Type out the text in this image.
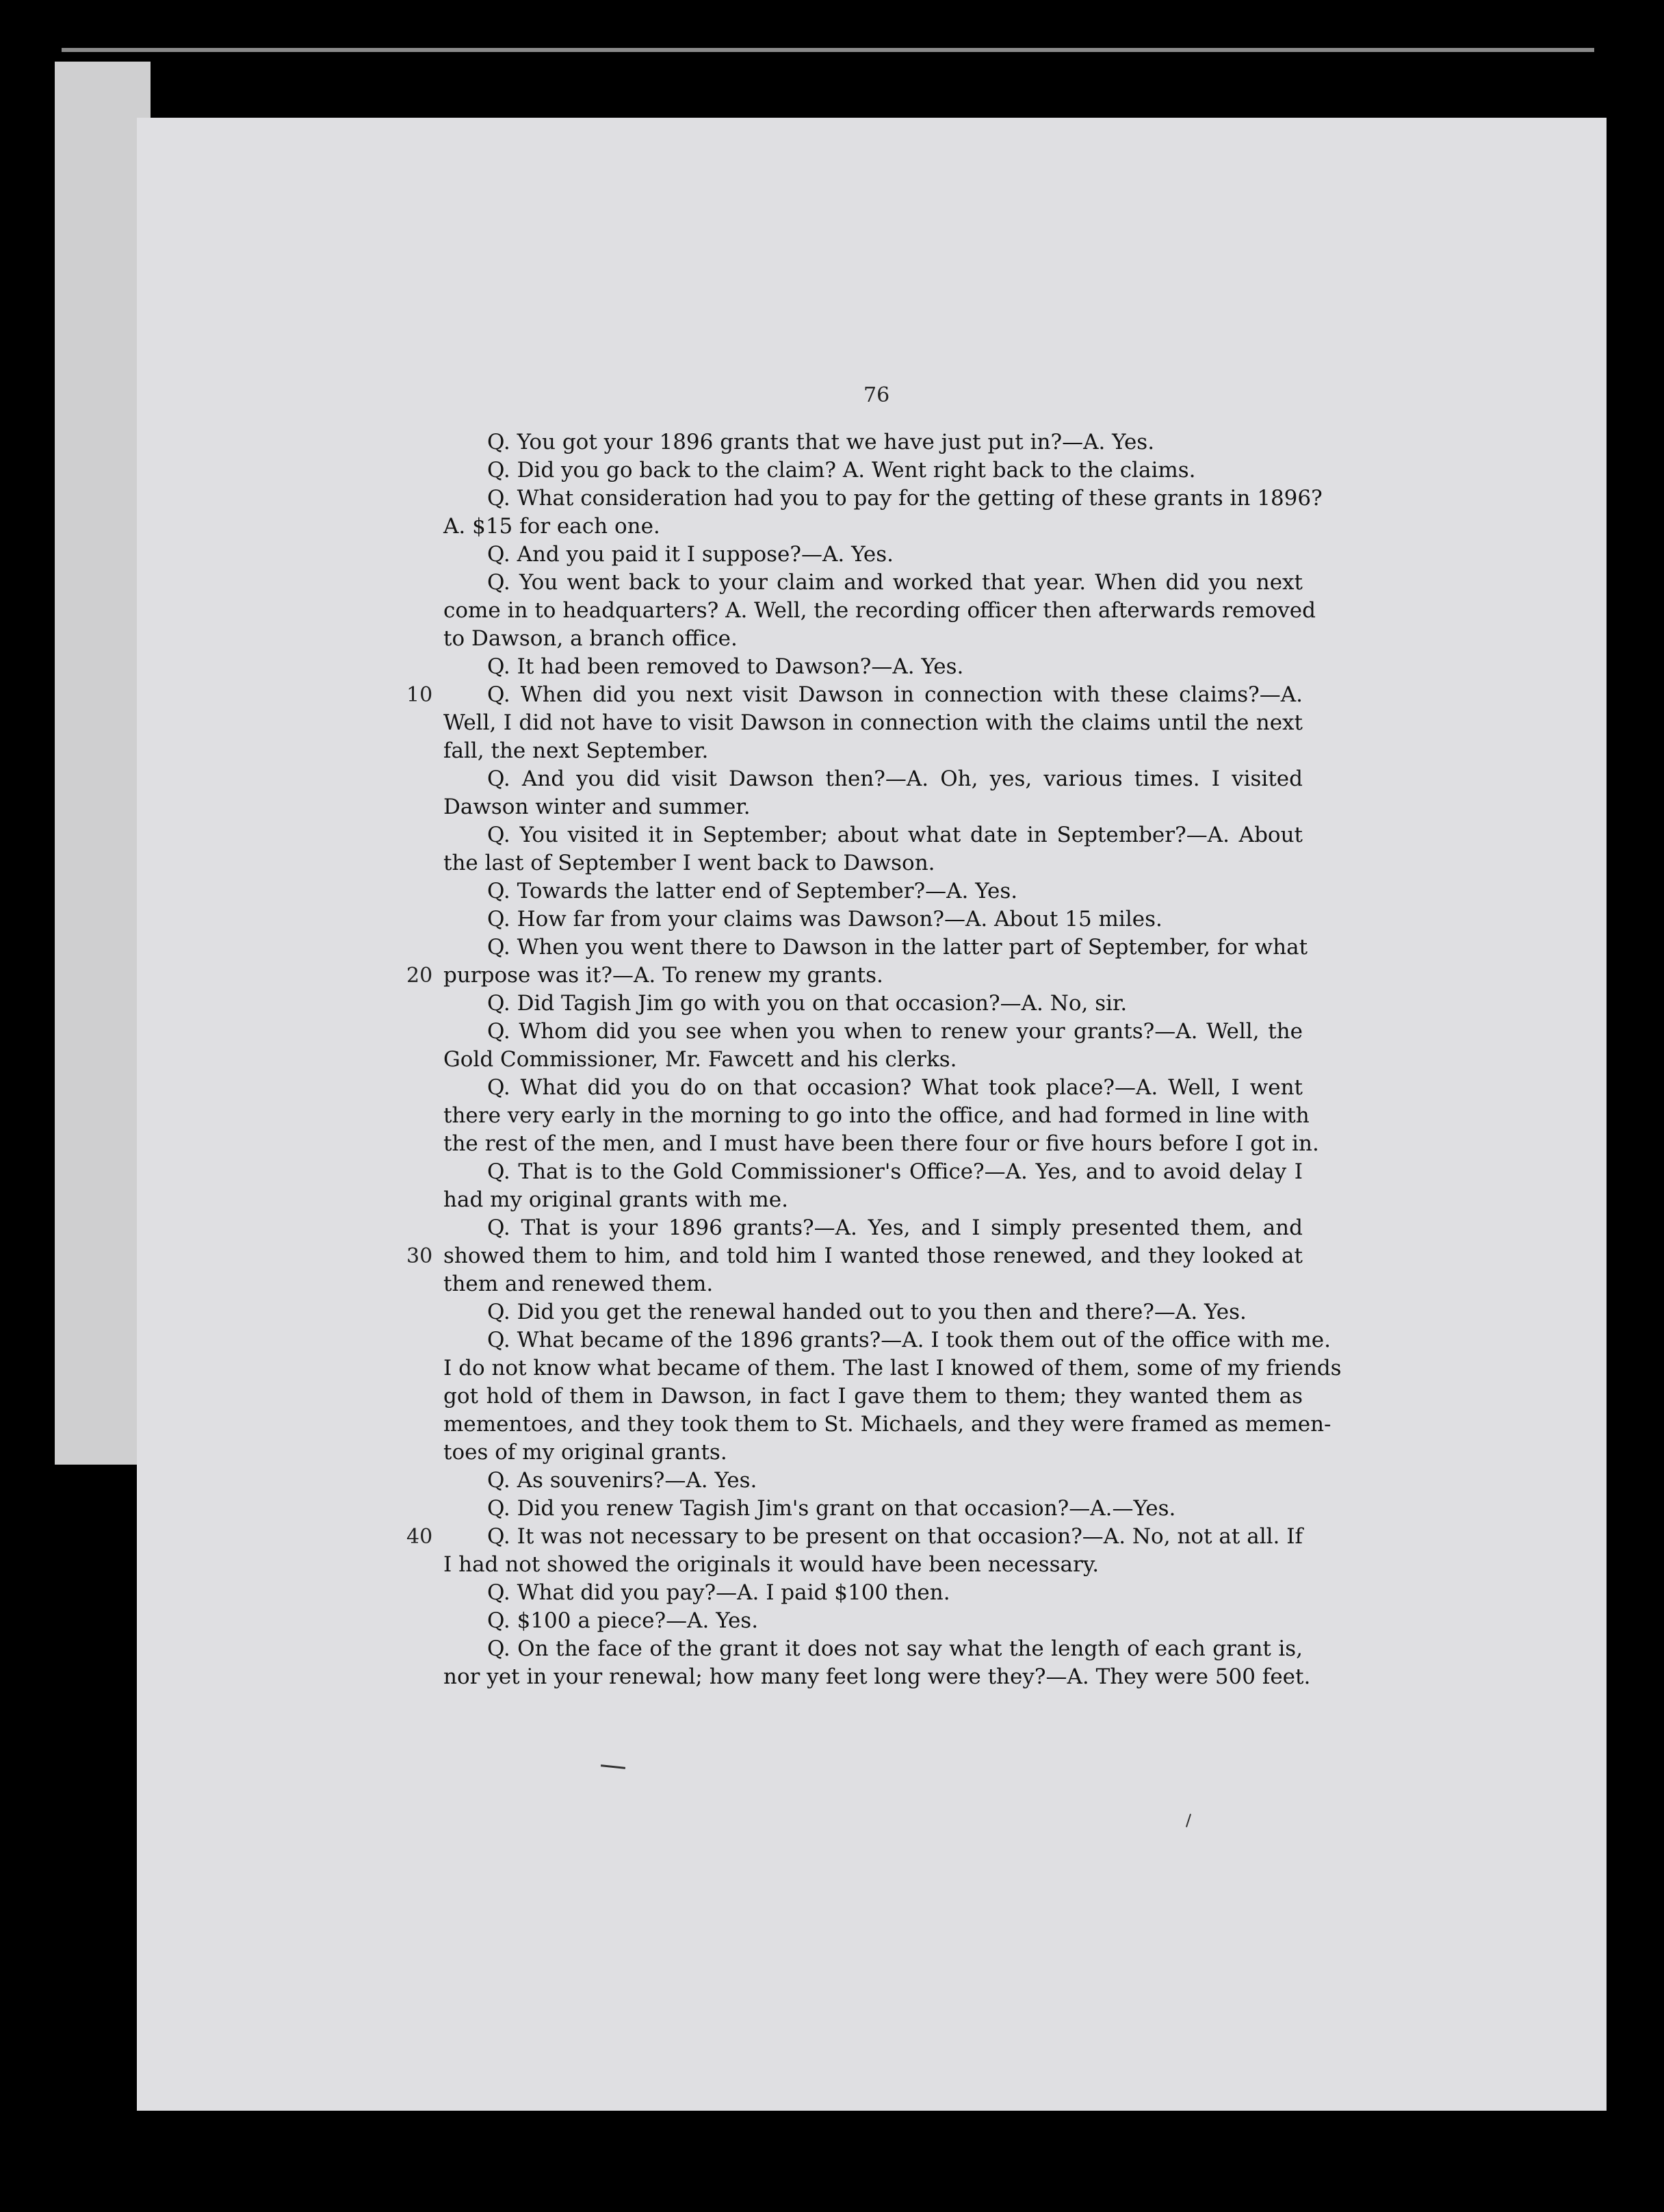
76
Q. You got your 1896 grants that we have just put in?—A. Yes.
Q. Did you go back to the claim? A. Went right back to the claims.
Q. What consideration had you to pay for the getting of these grants in 1896?
A. $15 for each one.
Q. And you paid it I suppose?—A. Yes.
Q. You went back to your claim and worked that year. When did you next
come in to headquarters? A. Well, the recording officer then afterwards removed
to Dawson, a branch office.
Q. It had been removed to Dawson?—A. Yes.
10	Q. When did you next visit Dawson in connection with these claims?—A.
Well, I did not have to visit Dawson in connection with the claims until the next
fall, the next September.
Q. And you did visit Dawson then?—A. Oh, yes, various times. I visited
Dawson winter and summer.
Q. You visited it in September; about what date in September?—A. About
the last of September I went back to Dawson.
Q. Towards the latter end of September?—A. Yes.
Q. How far from your claims was Dawson?—A. About 15 miles.
Q. When you went there to Dawson in the latter part of September, for what
20 purpose was it?—A. To renew my grants.
Q. Did Tagish Jim go with you on that occasion?—A. No, sir.
Q. Whom did you see when you when to renew your grants?—A. Well, the
Gold Commissioner, Mr. Fawcett and his clerks.
Q. What did you do on that occasion? What took place?—A. Well, I went
there very early in the morning to go into the office, and had formed in line with
the rest of the men, and I must have been there four or five hours before I got in.
Q. That is to the Gold Commissioner's Office?—A. Yes, and to avoid delay I
had my original grants with me.
Q. That is your 1896 grants?—A. Yes, and I simply presented them, and
30 showed them to him, and told him I wanted those renewed, and they looked at
them and renewed them.
Q. Did you get the renewal handed out to you then and there?—A. Yes.
Q. What became of the 1896 grants?—A. I took them out of the office with me.
I do not know what became of them. The last I knowed of them, some of my friends
got hold of them in Dawson, in fact I gave them to them; they wanted them as
mementoes, and they took them to St. Michaels, and they were framed as memen-
toes of my original grants.
Q. As souvenirs?—A. Yes.
Q. Did you renew Tagish Jim's grant on that occasion?—A.—Yes.
40	Q. It was not necessary to be present on that occasion?—A. No, not at all. If
I had not showed the originals it would have been necessary.
Q. What did you pay?—A. I paid $100 then.
Q. $100 a piece?—A. Yes.
Q. On the face of the grant it does not say what the length of each grant is,
nor yet in your renewal; how many feet long were they?—A. They were 500 feet.
